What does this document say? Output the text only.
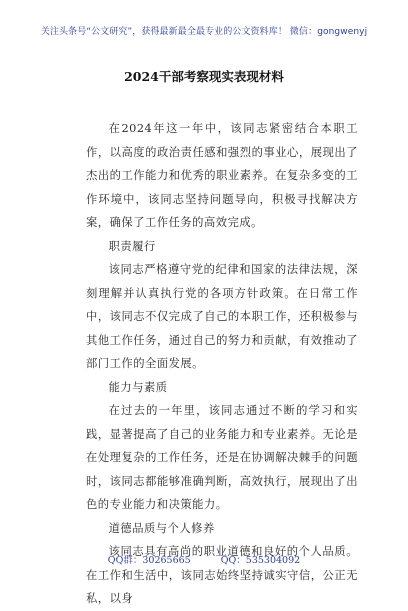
关注头条号“公文研究”，获得最新最全最专业的公文资料库！ 微信：gongwenyj
2024干部考察现实表现材料

在2024年这一年中，该同志紧密结合本职工作，以高度的政治责任感和强烈的事业心，展现出了杰出的工作能力和优秀的职业素养。在复杂多变的工作环境中，该同志坚持问题导向，积极寻找解决方案，确保了工作任务的高效完成。

职责履行

该同志严格遵守党的纪律和国家的法律法规，深刻理解并认真执行党的各项方针政策。在日常工作中，该同志不仅完成了自己的本职工作，还积极参与其他工作任务，通过自己的努力和贡献，有效推动了部门工作的全面发展。

能力与素质

在过去的一年里，该同志通过不断的学习和实践，显著提高了自己的业务能力和专业素养。无论是在处理复杂的工作任务，还是在协调解决棘手的问题时，该同志都能够准确判断，高效执行，展现出了出色的专业能力和决策能力。

道德品质与个人修养

该同志具有高尚的职业道德和良好的个人品质。在工作和生活中，该同志始终坚持诚实守信，公正无私，以身

QQ群：30265665	QQ：535304092
